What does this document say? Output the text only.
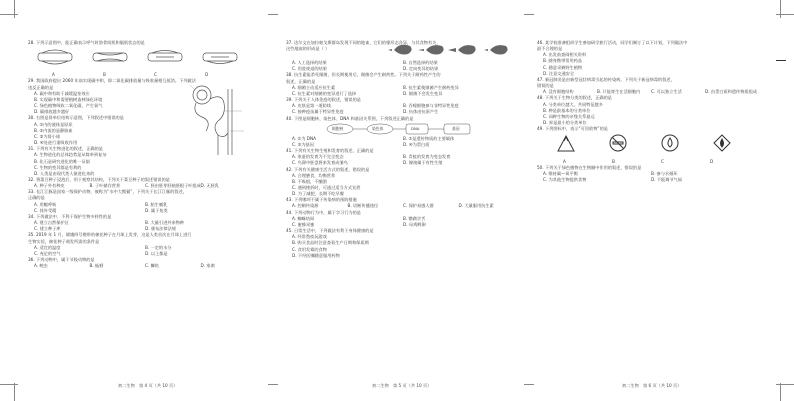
28. 下列示意图中，能正确表示呼气时肋骨间肌和膈肌状态的是
A	B	C	D
29. 我国政府提出 2060 年前实现碳中和，即二氧化碳排放量与吸收量相互抵消。下列做法
违反正确的是
A. 碳中和有助于减缓温室效应
B. 实现碳中和需要植树造林绿化环境
C. 绿色植物吸收二氧化碳，产生氧气
D. 碳排放越多越好
30. 右图是肾单位结构示意图，下列叙述中错误的是
A. ①内的液体是原尿
B. ②内流的是静脉血
C. ③为肾小球
D. ④处进行重吸收作用
31. 下列有关生物进化的叙述，正确的是
A. 生物进化的总体趋势是从简单到复杂
B. 化石是研究进化的唯一证据
C. 生物的变异都是有利的
D. 人类是由现代类人猿进化来的
32. 将菜豆种子浸泡后，用于观察其结构，下列关于菜豆种子的叙述错误的是
A. 种子外有种皮	B. 子叶储存营养	C. 胚由胚芽胚轴胚根子叶组成 D. 无胚乳
33. 长江江豚是国家一级保护动物，被称为“水中大熊猫”，下列关于长江江豚的叙述，
正确的是
A. 用鳃呼吸	B. 胎生哺乳
C. 体外受精	D. 属于鱼类
34. 下列做法中，不利于保护生物多样性的是
A. 建立自然保护区	B. 大量引进外来物种
C. 建立种子库	D. 颁布法律法规
35. 2019 年 1 月，嫦娥四号携带的棉花种子在月球上发芽，这是人类首次在月球上进行
生物实验，棉花种子萌发所需的条件是
A. 适宜的温度	B. 一定的水分
C. 充足的空气	D. 以上都是
36. 下列动物中，属于节肢动物的是
A. 蝗虫	B. 蚯蚓	C. 鲫鱼	D. 家鸽
37. 达尔文在加拉帕戈斯群岛发现不同的地雀，它们的喙形态各异，与其食物有关，
这些地雀的形成是（ ）
A. 人工选择的结果	B. 自然选择的结果
C. 用进废退的结果	D. 定向变异的结果
38. 抗生素能杀死细菌，但长期使用后，细菌会产生耐药性。下列关于耐药性产生的
叙述，正确的是
A. 细菌主动适应抗生素	B. 抗生素使细菌产生耐药变异
C. 抗生素对细菌的变异进行了选择	D. 细菌不会发生变异
39. 下列关于人体免疫的叙述，错误的是
A. 皮肤是第一道防线	B. 吞噬细胞参与非特异性免疫
C. 接种疫苗属于特异性免疫	D. 抗体由抗原产生
40. 下图是细胞核、染色体、DNA 和基因关系图，下列叙述正确的是
细胞核	染色体	DNA	基因
A. ①为 DNA	B. ②是遗传物质的主要载体
C. ③为基因	D. ④为蛋白质
41. 下列有关生物生殖和发育的叙述，正确的是
A. 家蚕的发育为不完全变态	B. 青蛙的发育为变态发育
C. 鸟卵中胚盘将来发育成雏鸟	D. 嫁接属于有性生殖
42. 下列有关健康生活方式的叙述，错误的是
A. 合理膳食，均衡营养
B. 不吸烟，不酗酒
C. 遇到挫折时，可通过适当方式宣泄
D. 为了减肥，长期不吃早餐
43. 下列哪项不属于传染病的预防措施
A. 控制传染源	B. 切断传播途径	C. 保护易感人群	D. 大量服用抗生素
44. 下列动物行为中，属于学习行为的是
A. 蜘蛛结网	B. 鹦鹉学舌
C. 蜜蜂采蜜	D. 母鸡孵卵
45. 日常生活中，下列做法有利于身体健康的是
A. 经常熬夜玩游戏
B. 购买食品时注意查看生产日期和保质期
C. 食用发霉的食物
D. 不经医嘱随意服用药物
46. 某学校准备组织学生参加研学旅行活动，同学们制订了以下计划，下列做法中
最不合理的是
A. 出发前查阅相关资料
B. 随身携带常用药品
C. 随意采摘野生植物
D. 注意交通安全
47. 新冠肺炎是由新型冠状病毒引起的传染病，下列关于新冠病毒的叙述，
错误的是
A. 没有细胞结构	B. 只能寄生在活细胞内	C. 可以独立生活	D. 由蛋白质和遗传物质组成
48. 下列关于生物分类的叙述，正确的是
A. 分类单位越大，共同特征越多
B. 种是最基本的分类单位
C. 同种生物的亲缘关系最远
D. 界是最小的分类单位
49. 下列图标中，表示“可回收物”的是
A	B	C	D
50. 下列关于绿色植物在生物圈中作用的叙述，错误的是
A. 维持碳—氧平衡	B. 参与水循环
C. 为其他生物提供食物	D. 不能调节气候
初二生物　第 4 页（共 10 页）	初二生物　第 5 页（共 10 页）	初二生物　第 6 页（共 10 页）
